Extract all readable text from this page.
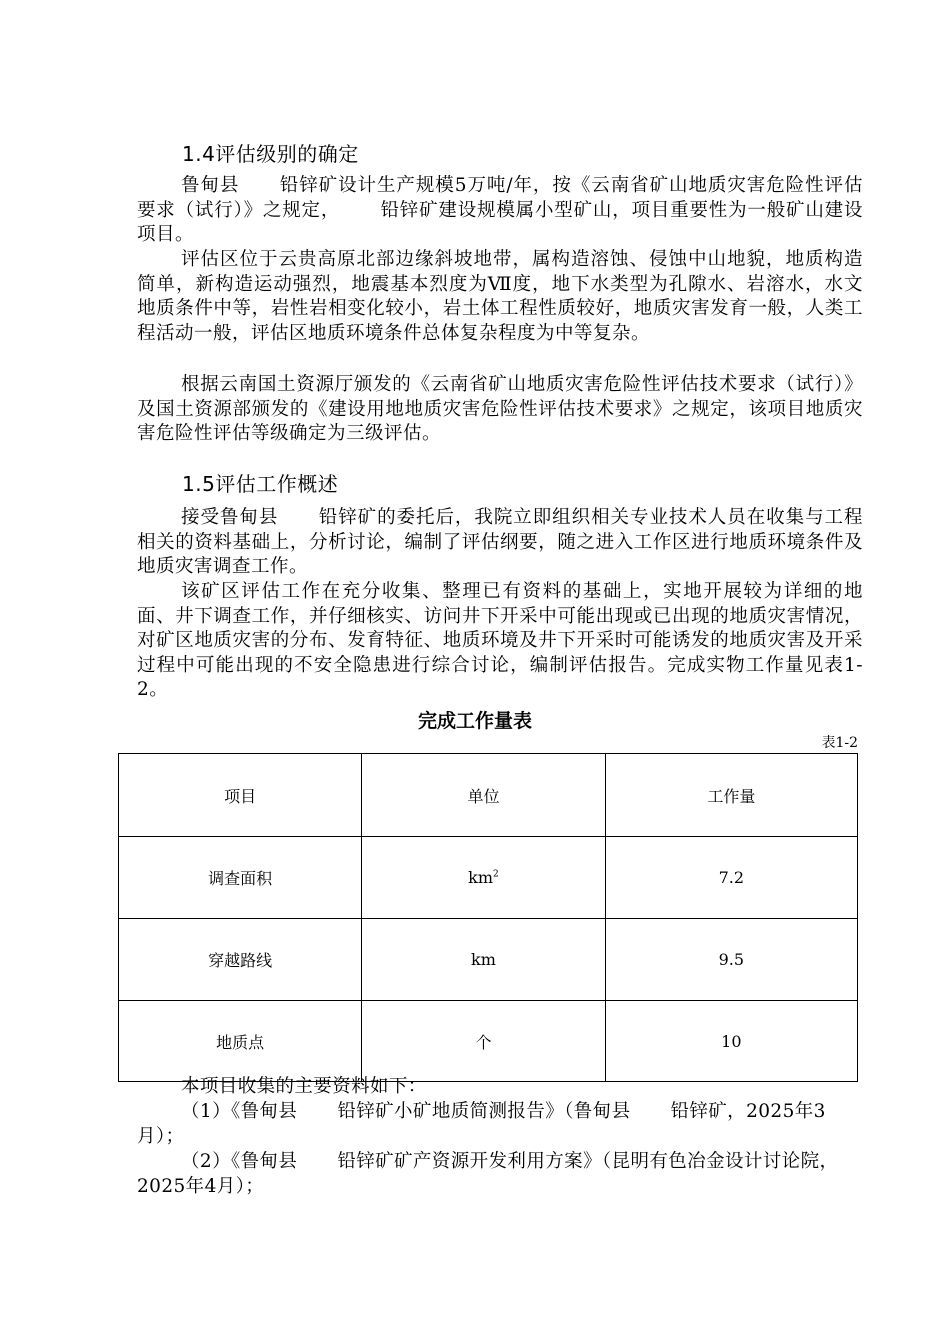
1.4评估级别的确定

鲁甸县 铅锌矿设计生产规模5万吨/年，按《云南省矿山地质灾害危险性评估要求（试行）》之规定， 铅锌矿建设规模属小型矿山，项目重要性为一般矿山建设项目。

评估区位于云贵高原北部边缘斜坡地带，属构造溶蚀、侵蚀中山地貌，地质构造简单，新构造运动强烈，地震基本烈度为Ⅶ度，地下水类型为孔隙水、岩溶水，水文地质条件中等，岩性岩相变化较小，岩土体工程性质较好，地质灾害发育一般，人类工程活动一般，评估区地质环境条件总体复杂程度为中等复杂。

根据云南国土资源厅颁发的《云南省矿山地质灾害危险性评估技术要求（试行）》及国土资源部颁发的《建设用地地质灾害危险性评估技术要求》之规定，该项目地质灾害危险性评估等级确定为三级评估。

1.5评估工作概述

接受鲁甸县 铅锌矿的委托后，我院立即组织相关专业技术人员在收集与工程相关的资料基础上，分析讨论，编制了评估纲要，随之进入工作区进行地质环境条件及地质灾害调查工作。

该矿区评估工作在充分收集、整理已有资料的基础上，实地开展较为详细的地面、井下调查工作，并仔细核实、访问井下开采中可能出现或已出现的地质灾害情况，对矿区地质灾害的分布、发育特征、地质环境及井下开采时可能诱发的地质灾害及开采过程中可能出现的不安全隐患进行综合讨论，编制评估报告。完成实物工作量见表1-2。

完成工作量表

表1-2

项目	单位	工作量
调查面积	$km^2$	7.2
穿越路线	km	9.5
地质点	个	10

本项目收集的主要资料如下：

（1）《鲁甸县 铅锌矿小矿地质简测报告》（鲁甸县 铅锌矿，2025年3月）；

（2）《鲁甸县 铅锌矿矿产资源开发利用方案》（昆明有色冶金设计讨论院，2025年4月）；
